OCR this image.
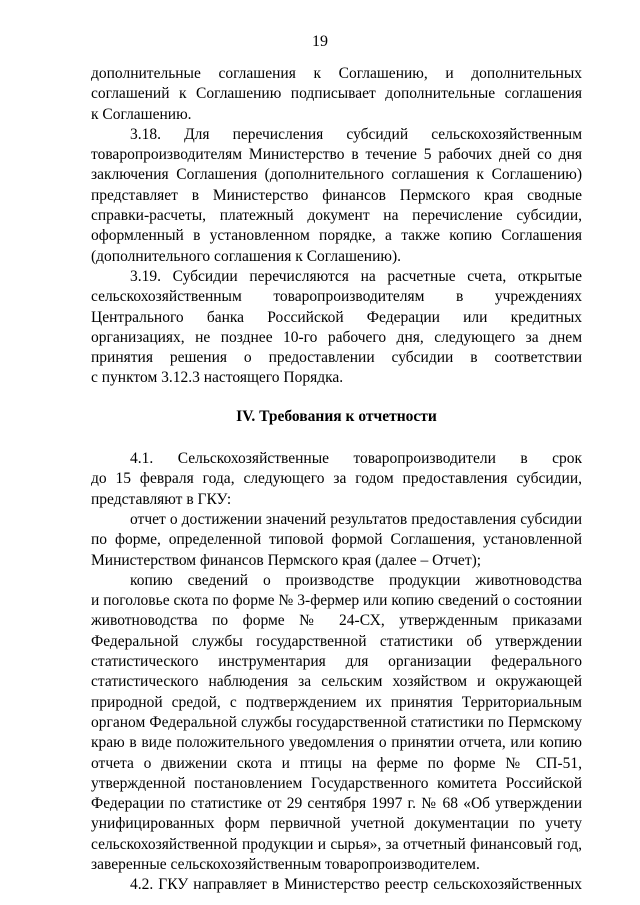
19
дополнительные соглашения к Соглашению, и дополнительных
соглашений к Соглашению подписывает дополнительные соглашения
к Соглашению.
3.18. Для перечисления субсидий сельскохозяйственным
товаропроизводителям Министерство в течение 5 рабочих дней со дня
заключения Соглашения (дополнительного соглашения к Соглашению)
представляет в Министерство финансов Пермского края сводные
справки-расчеты, платежный документ на перечисление субсидии,
оформленный в установленном порядке, а также копию Соглашения
(дополнительного соглашения к Соглашению).
3.19. Субсидии перечисляются на расчетные счета, открытые
сельскохозяйственным товаропроизводителям в учреждениях
Центрального банка Российской Федерации или кредитных
организациях, не позднее 10-го рабочего дня, следующего за днем
принятия решения о предоставлении субсидии в соответствии
с пунктом 3.12.3 настоящего Порядка.
IV. Требования к отчетности
4.1. Сельскохозяйственные товаропроизводители в срок
до 15 февраля года, следующего за годом предоставления субсидии,
представляют в ГКУ:
отчет о достижении значений результатов предоставления субсидии
по форме, определенной типовой формой Соглашения, установленной
Министерством финансов Пермского края (далее – Отчет);
копию сведений о производстве продукции животноводства
и поголовье скота по форме № 3-фермер или копию сведений о состоянии
животноводства по форме № 24-СХ, утвержденным приказами
Федеральной службы государственной статистики об утверждении
статистического инструментария для организации федерального
статистического наблюдения за сельским хозяйством и окружающей
природной средой, с подтверждением их принятия Территориальным
органом Федеральной службы государственной статистики по Пермскому
краю в виде положительного уведомления о принятии отчета, или копию
отчета о движении скота и птицы на ферме по форме № СП-51,
утвержденной постановлением Государственного комитета Российской
Федерации по статистике от 29 сентября 1997 г. № 68 «Об утверждении
унифицированных форм первичной учетной документации по учету
сельскохозяйственной продукции и сырья», за отчетный финансовый год,
заверенные сельскохозяйственным товаропроизводителем.
4.2. ГКУ направляет в Министерство реестр сельскохозяйственных
